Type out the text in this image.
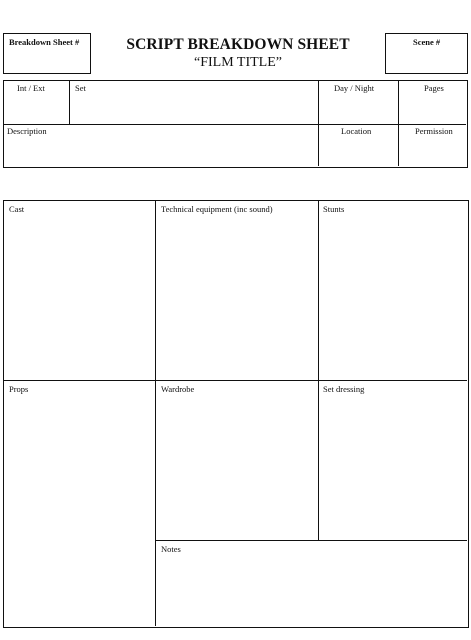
Breakdown Sheet #	SCRIPT BREAKDOWN SHEET
“FILM TITLE”
Scene #
Int / Ext	Set	Day / Night	Pages
Description	Location	Permission
Cast	Technical equipment (inc sound)	Stunts
Props	Wardrobe	Set dressing
Notes
